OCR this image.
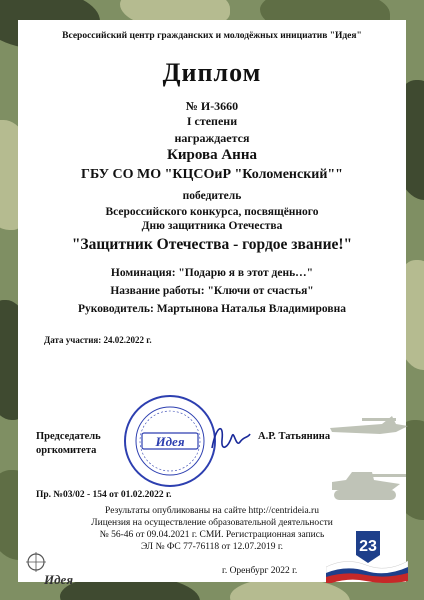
Всероссийский центр гражданских и молодёжных инициатив "Идея"
Диплом
№ И-3660
I степени
награждается
Кирова Анна
ГБУ СО МО "КЦСОиР "Коломенский""
победитель
Всероссийского конкурса, посвящённого
Дню защитника Отечества
"Защитник Отечества - гордое звание!"
Номинация: "Подарю я в этот день…"
Название работы: "Ключи от счастья"
Руководитель: Мартынова Наталья Владимировна
Дата участия: 24.02.2022 г.
Председатель
оргкомитета
А.Р. Татьянина
Идея
Пр. №03/02 - 154 от 01.02.2022 г.
Результаты опубликованы на сайте http://centrideia.ru
Лицензия на осуществление образовательной деятельности
№ 56-46 от 09.04.2021 г. СМИ. Регистрационная запись
ЭЛ № ФС 77-76118 от 12.07.2019 г.
г. Оренбург 2022 г.
Идея
23
